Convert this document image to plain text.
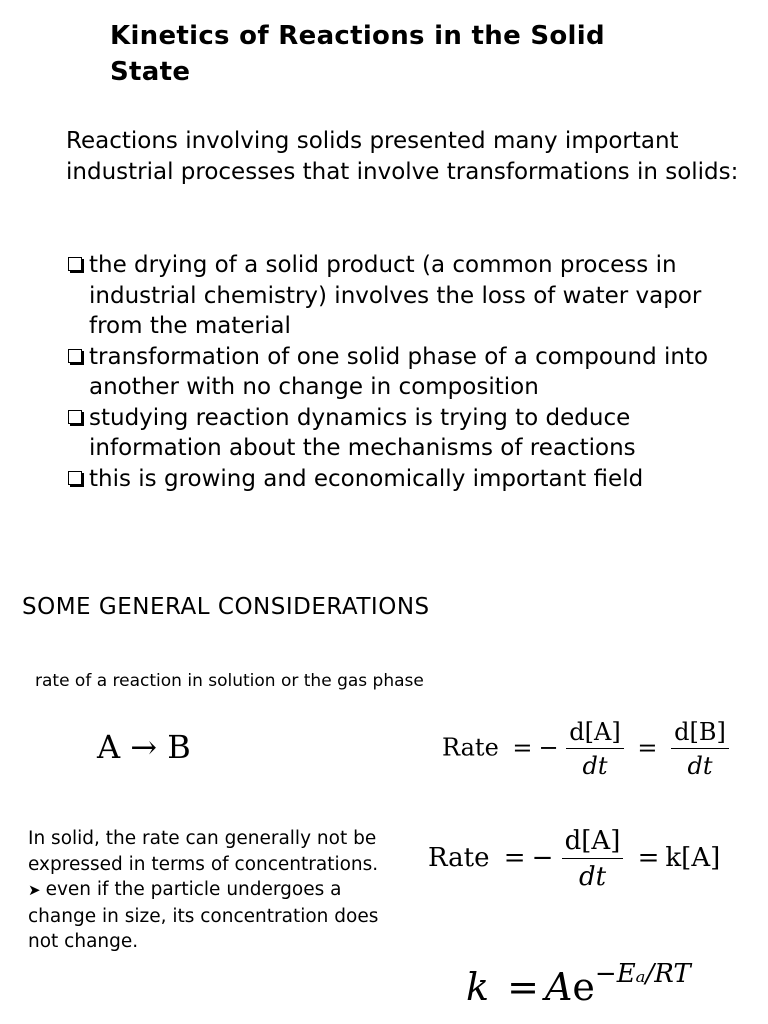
Kinetics of Reactions in the Solid State
Reactions involving solids presented many important industrial processes that involve transformations in solids:
the drying of a solid product (a common process in industrial chemistry) involves the loss of water vapor from the material
transformation of one solid phase of a compound into another with no change in composition
studying reaction dynamics is trying to deduce information about the mechanisms of reactions
this is growing and economically important field
SOME GENERAL CONSIDERATIONS
rate of a reaction in solution or the gas phase
A → B	Rate = − $\frac{d[A]}{dt} = \frac{d[B]}{dt}$
In solid, the rate can generally not be expressed in terms of concentrations.
➤ even if the particle undergoes a change in size, its concentration does not change.
Rate = − $\frac{d[A]}{dt} = k[A]$
$k = Ae^{-E_a/RT}$
